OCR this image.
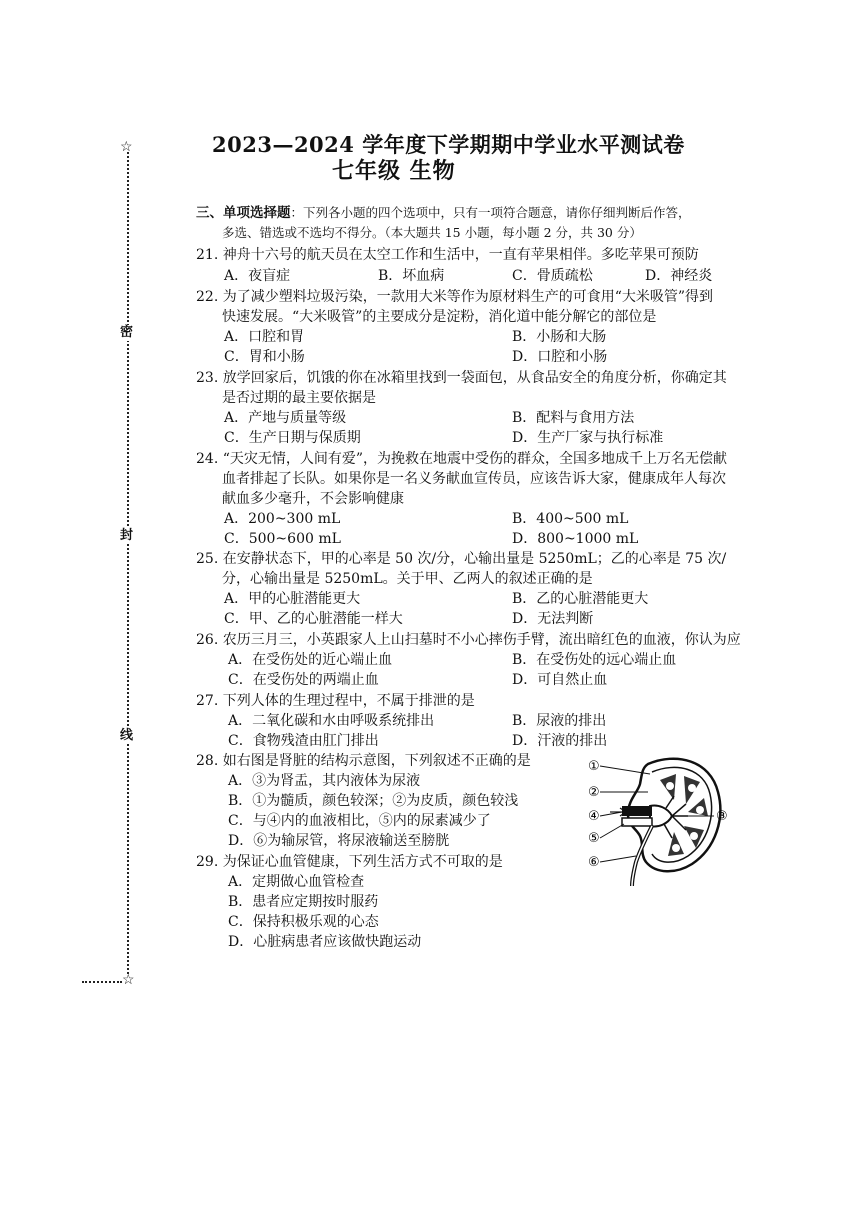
☆
☆
密
封
线
2023—2024 学年度下学期期中学业水平测试卷
七年级 生物
三、单项选择题：下列各小题的四个选项中，只有一项符合题意，请你仔细判断后作答，
多选、错选或不选均不得分。（本大题共 15 小题，每小题 2 分，共 30 分）
21. 神舟十六号的航天员在太空工作和生活中，一直有苹果相伴。多吃苹果可预防
A．夜盲症	B．坏血病	C．骨质疏松	D．神经炎
22. 为了减少塑料垃圾污染，一款用大米等作为原材料生产的可食用“大米吸管”得到
快速发展。“大米吸管”的主要成分是淀粉，消化道中能分解它的部位是
A．口腔和胃	B．小肠和大肠
C．胃和小肠	D．口腔和小肠
23. 放学回家后，饥饿的你在冰箱里找到一袋面包，从食品安全的角度分析，你确定其
是否过期的最主要依据是
A．产地与质量等级	B．配料与食用方法
C．生产日期与保质期	D．生产厂家与执行标准
24. “天灾无情，人间有爱”，为挽救在地震中受伤的群众，全国多地成千上万名无偿献
血者排起了长队。如果你是一名义务献血宣传员，应该告诉大家，健康成年人每次
献血多少毫升，不会影响健康
A．200~300 mL	B．400~500 mL
C．500~600 mL	D．800~1000 mL
25. 在安静状态下，甲的心率是 50 次/分，心输出量是 5250mL；乙的心率是 75 次/
分，心输出量是 5250mL。关于甲、乙两人的叙述正确的是
A．甲的心脏潜能更大	B．乙的心脏潜能更大
C．甲、乙的心脏潜能一样大	D．无法判断
26. 农历三月三，小英跟家人上山扫墓时不小心摔伤手臂，流出暗红色的血液，你认为应
A．在受伤处的近心端止血	B．在受伤处的远心端止血
C．在受伤处的两端止血	D．可自然止血
27. 下列人体的生理过程中，不属于排泄的是
A．二氧化碳和水由呼吸系统排出	B．尿液的排出
C．食物残渣由肛门排出	D．汗液的排出
28. 如右图是肾脏的结构示意图，下列叙述不正确的是
A．③为肾盂，其内液体为尿液
B．①为髓质，颜色较深；②为皮质，颜色较浅
C．与④内的血液相比，⑤内的尿素减少了
D．⑥为输尿管，将尿液输送至膀胱
①
②
③
④
⑤
⑥
29. 为保证心血管健康，下列生活方式不可取的是
A．定期做心血管检查
B．患者应定期按时服药
C．保持积极乐观的心态
D．心脏病患者应该做快跑运动
